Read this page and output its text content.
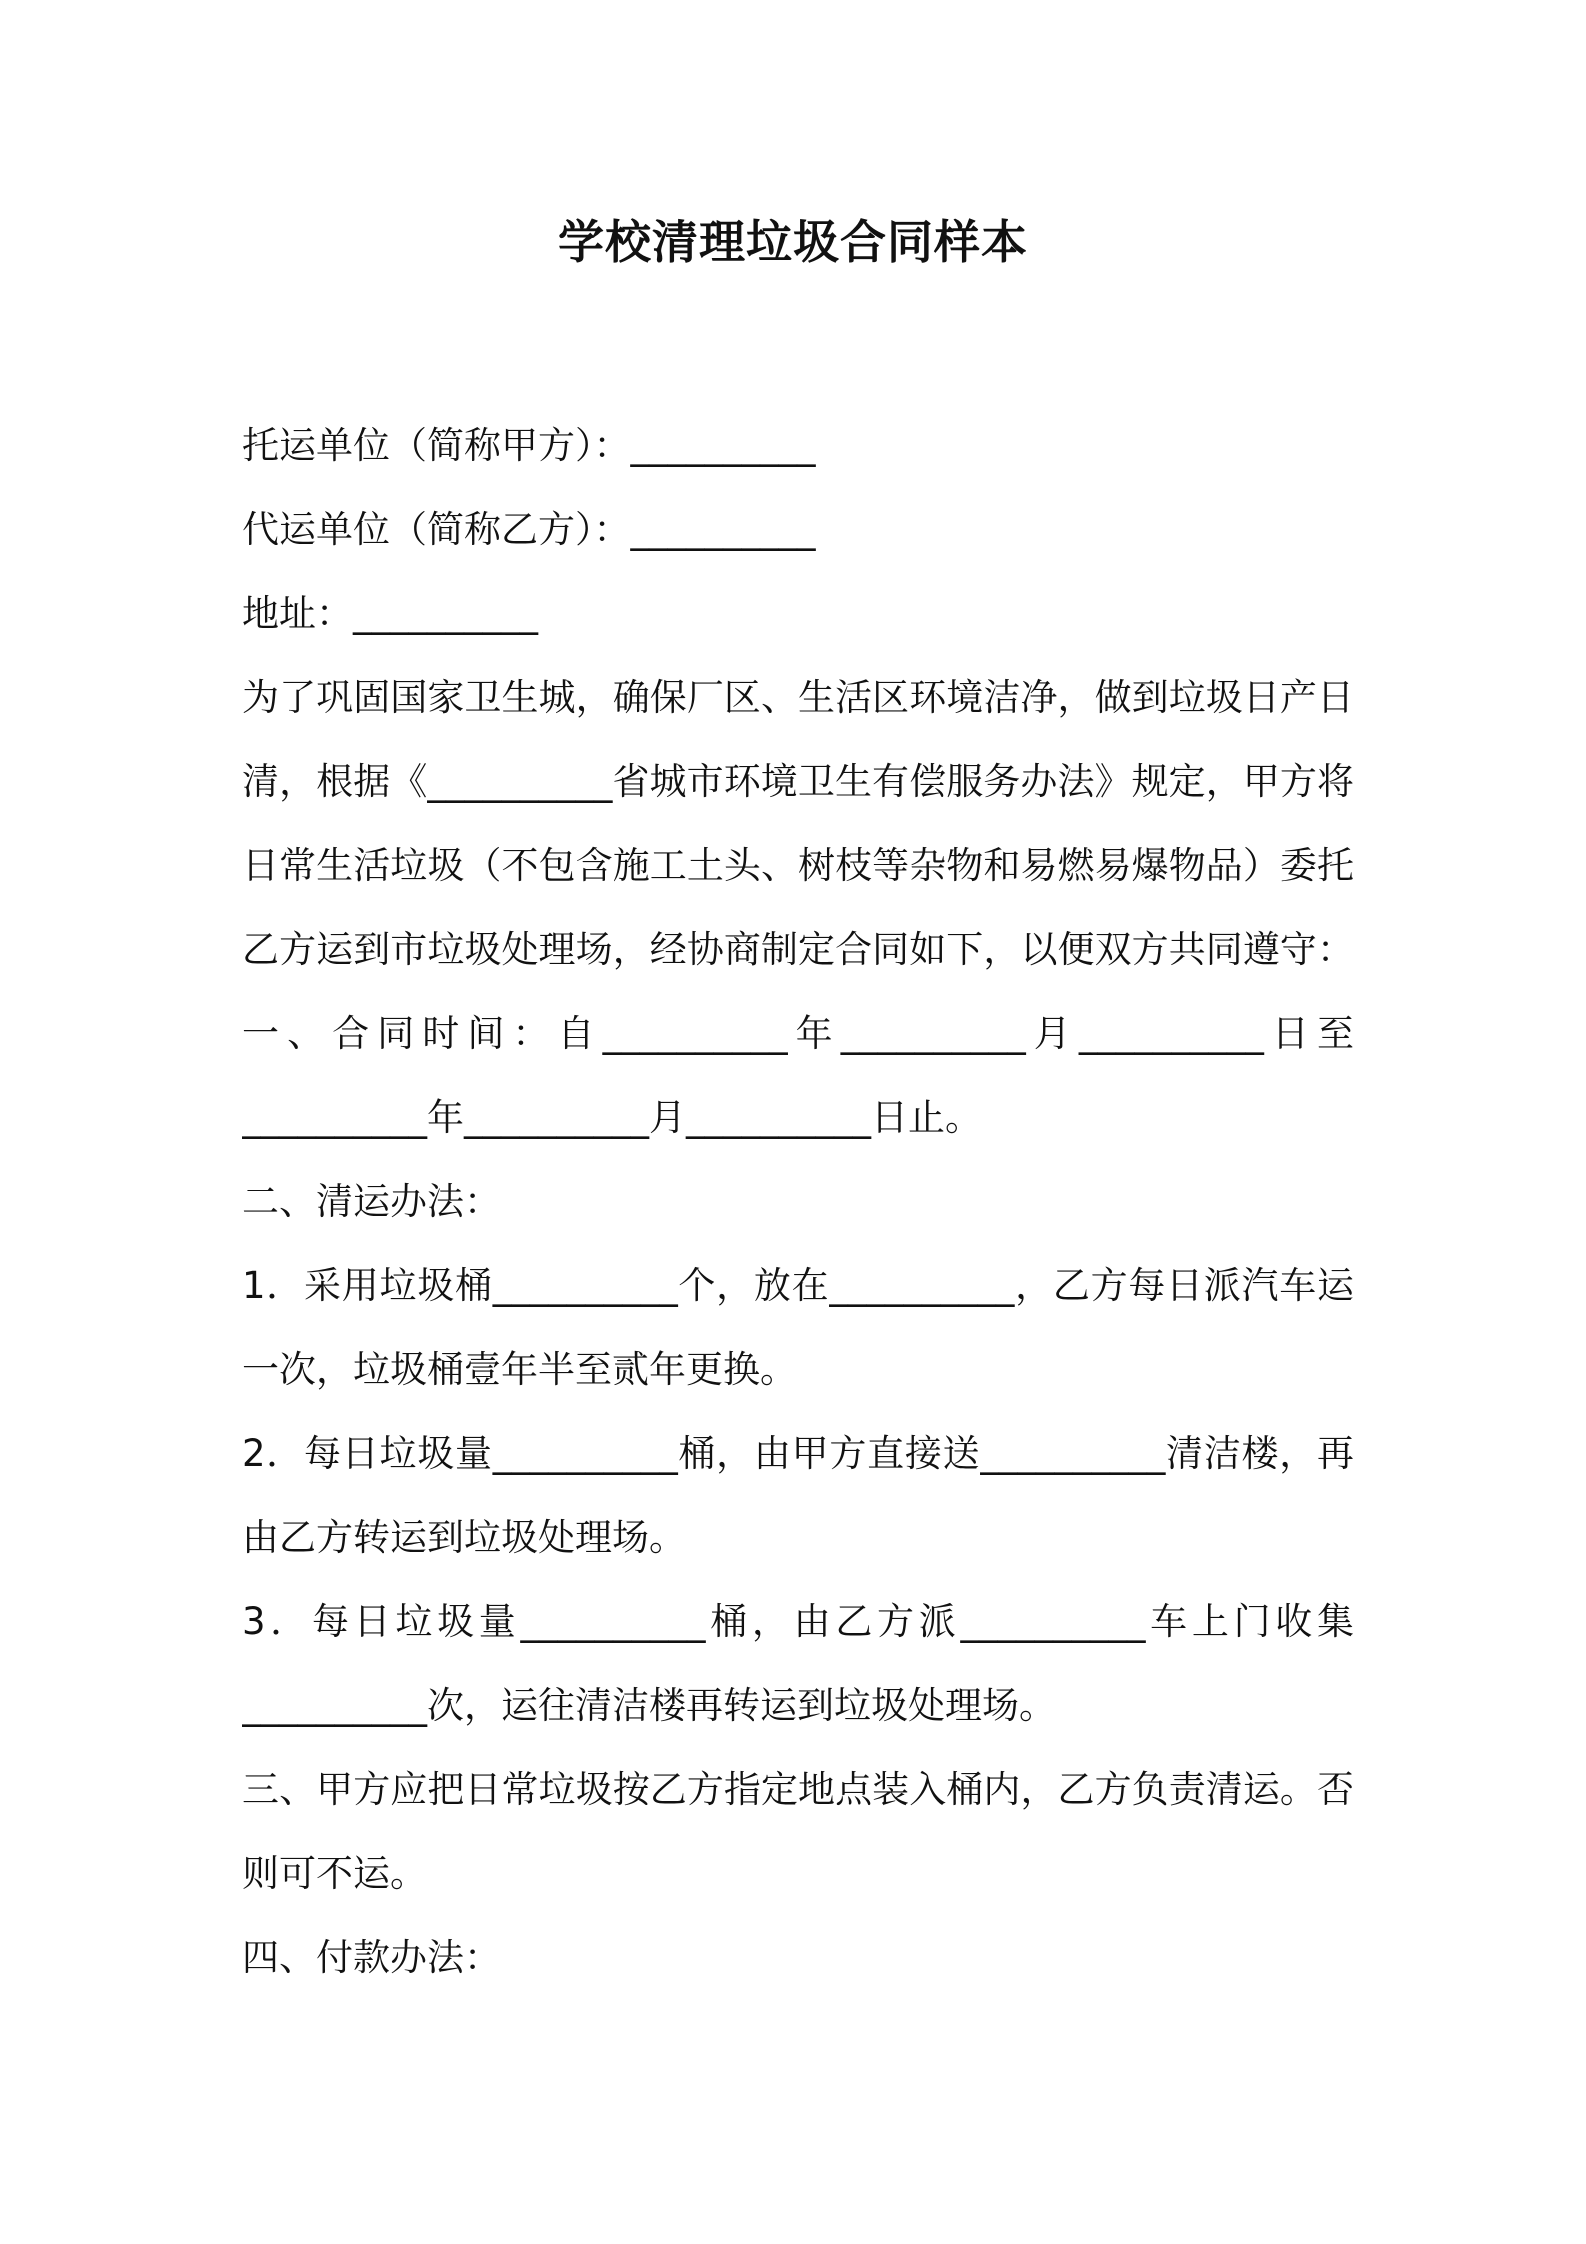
学校清理垃圾合同样本

托运单位（简称甲方）：__________

代运单位（简称乙方）：__________

地址：__________

为了巩固国家卫生城，确保厂区、生活区环境洁净，做到垃圾日产日

清，根据《__________省城市环境卫生有偿服务办法》规定，甲方将

日常生活垃圾（不包含施工土头、树枝等杂物和易燃易爆物品）委托

乙方运到市垃圾处理场，经协商制定合同如下，以便双方共同遵守：

一、合同时间：自__________年__________月__________日至

__________年__________月__________日止。

二、清运办法：

1．采用垃圾桶__________个，放在__________，乙方每日派汽车运

一次，垃圾桶壹年半至贰年更换。

2．每日垃圾量__________桶，由甲方直接送__________清洁楼，再

由乙方转运到垃圾处理场。

3．每日垃圾量__________桶，由乙方派__________车上门收集

__________次，运往清洁楼再转运到垃圾处理场。

三、甲方应把日常垃圾按乙方指定地点装入桶内，乙方负责清运。否

则可不运。

四、付款办法：
